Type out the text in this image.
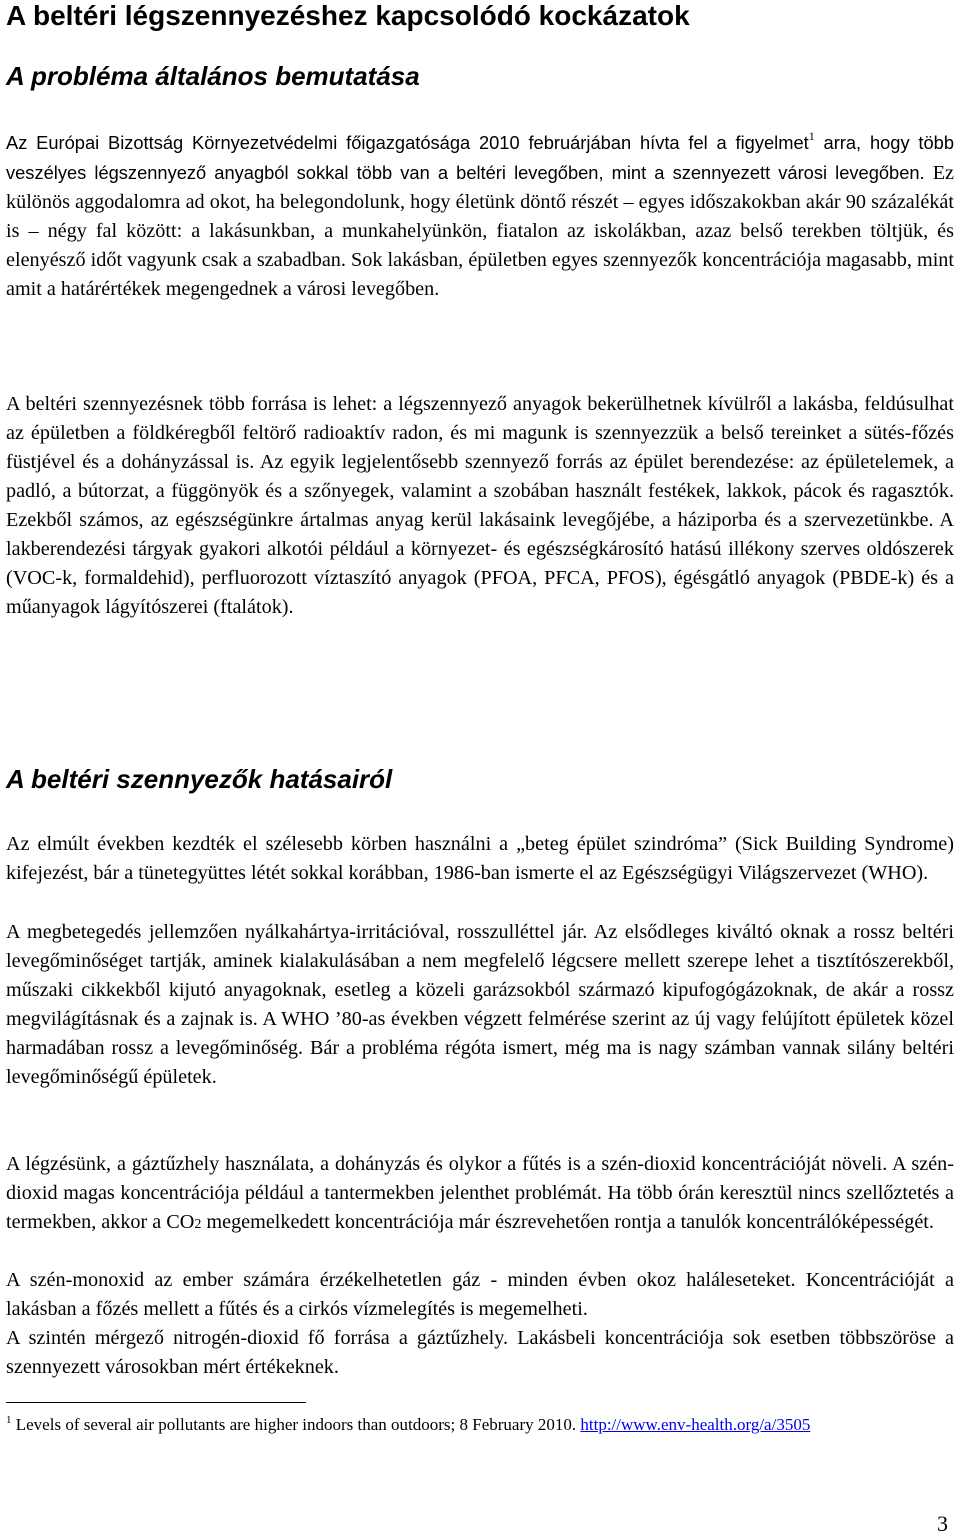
A beltéri légszennyezéshez kapcsolódó kockázatok
A probléma általános bemutatása

Az Európai Bizottság Környezetvédelmi főigazgatósága 2010 februárjában hívta fel a figyelmet$^1$ arra, hogy több veszélyes légszennyező anyagból sokkal több van a beltéri levegőben, mint a szennyezett városi levegőben. Ez különös aggodalomra ad okot, ha belegondolunk, hogy életünk döntő részét – egyes időszakokban akár 90 százalékát is – négy fal között: a lakásunkban, a munkahelyünkön, fiatalon az iskolákban, azaz belső terekben töltjük, és elenyésző időt vagyunk csak a szabadban. Sok lakásban, épületben egyes szennyezők koncentrációja magasabb, mint amit a határértékek megengednek a városi levegőben.

A beltéri szennyezésnek több forrása is lehet: a légszennyező anyagok bekerülhetnek kívülről a lakásba, feldúsulhat az épületben a földkéregből feltörő radioaktív radon, és mi magunk is szennyezzük a belső tereinket a sütés-főzés füstjével és a dohányzással is. Az egyik legjelentősebb szennyező forrás az épület berendezése: az épületelemek, a padló, a bútorzat, a függönyök és a szőnyegek, valamint a szobában használt festékek, lakkok, pácok és ragasztók. Ezekből számos, az egészségünkre ártalmas anyag kerül lakásaink levegőjébe, a háziporba és a szervezetünkbe. A lakberendezési tárgyak gyakori alkotói például a környezet- és egészségkárosító hatású illékony szerves oldószerek (VOC-k, formaldehid), perfluorozott víztaszító anyagok (PFOA, PFCA, PFOS), égésgátló anyagok (PBDE-k) és a műanyagok lágyítószerei (ftalátok).

A beltéri szennyezők hatásairól

Az elmúlt években kezdték el szélesebb körben használni a „beteg épület szindróma” (Sick Building Syndrome) kifejezést, bár a tünetegyüttes létét sokkal korábban, 1986-ban ismerte el az Egészségügyi Világszervezet (WHO).

A megbetegedés jellemzően nyálkahártya-irritációval, rosszulléttel jár. Az elsődleges kiváltó oknak a rossz beltéri levegőminőséget tartják, aminek kialakulásában a nem megfelelő légcsere mellett szerepe lehet a tisztítószerekből, műszaki cikkekből kijutó anyagoknak, esetleg a közeli garázsokból származó kipufogógázoknak, de akár a rossz megvilágításnak és a zajnak is. A WHO ’80-as években végzett felmérése szerint az új vagy felújított épületek közel harmadában rossz a levegőminőség. Bár a probléma régóta ismert, még ma is nagy számban vannak silány beltéri levegőminőségű épületek.

A légzésünk, a gáztűzhely használata, a dohányzás és olykor a fűtés is a szén-dioxid koncentrációját növeli. A szén-dioxid magas koncentrációja például a tantermekben jelenthet problémát. Ha több órán keresztül nincs szellőztetés a termekben, akkor a CO2 megemelkedett koncentrációja már észrevehetően rontja a tanulók koncentrálóképességét.

A szén-monoxid az ember számára érzékelhetetlen gáz - minden évben okoz haláleseteket. Koncentrációját a lakásban a főzés mellett a fűtés és a cirkós vízmelegítés is megemelheti.

A szintén mérgező nitrogén-dioxid fő forrása a gáztűzhely. Lakásbeli koncentrációja sok esetben többszöröse a szennyezett városokban mért értékeknek.

$^1$ Levels of several air pollutants are higher indoors than outdoors; 8 February 2010. http://www.env-health.org/a/3505
3
